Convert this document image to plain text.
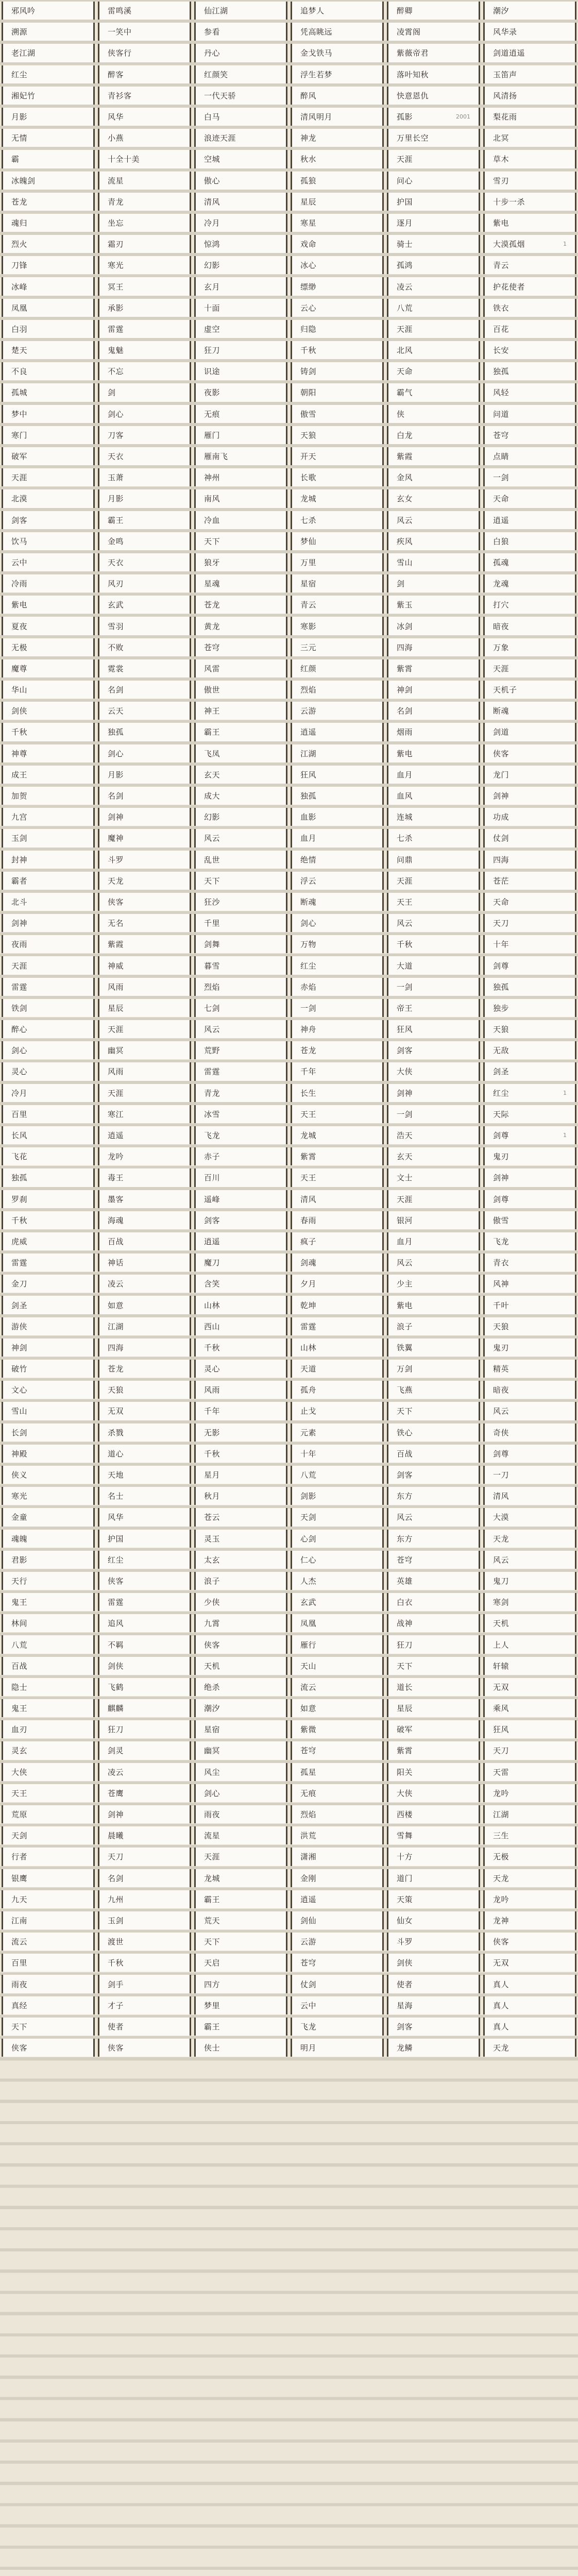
邪风吟	雷鸣溪	仙江湖	追梦人	醉卿	潮汐
溯源	一笑中	参看	凭高眺远	凌霄阁	风华录
老江湖	侠客行	丹心	金戈铁马	紫薇帝君	剑道逍遥
红尘	醉客	红颜笑	浮生若梦	落叶知秋	玉笛声
湘妃竹	青衫客	一代天骄	醉风	快意恩仇	风清扬
月影	风华	白马	清风明月	孤影	2001	梨花雨
无情	小燕	浪迹天涯	神龙	万里长空	北冥
霸	十全十美	空城	秋水	天涯	草木
冰魄剑	流星	傲心	孤狼	问心	雪刃
苍龙	青龙	清风	星辰	护国	十步一杀
魂归	坐忘	冷月	寒星	逐月	紫电
烈火	霜刃	惊鸿	戏命	骑士	大漠孤烟	1
刀锋	寒光	幻影	冰心	孤鸿	青云
冰峰	冥王	玄月	缥缈	凌云	护花使者
凤凰	承影	十面	云心	八荒	铁衣
白羽	雷霆	虚空	归隐	天涯	百花
楚天	鬼魅	狂刀	千秋	北风	长安
不良	不忘	识途	铸剑	天命	独孤
孤城	剑	夜影	朝阳	霸气	风轻
梦中	剑心	无痕	傲雪	侠	问道
寒门	刀客	雁门	天狼	白龙	苍穹
破军	天衣	雁南飞	开天	紫霞	点睛
天涯	玉萧	神州	长歌	金风	一剑
北漠	月影	南风	龙城	玄女	天命
剑客	霸王	冷血	七杀	风云	逍遥
饮马	金鸣	天下	梦仙	疾风	白狼
云中	天衣	狼牙	万里	雪山	孤魂
冷雨	风刃	星魂	星宿	剑	龙魂
紫电	玄武	苍龙	青云	紫玉	打穴
夏夜	雪羽	黄龙	寒影	冰剑	暗夜
无极	不败	苍穹	三元	四海	万象
魔尊	霓裳	风雷	红颜	紫霄	天涯
华山	名剑	傲世	烈焰	神剑	天机子
剑侠	云天	神王	云游	名剑	断魂
千秋	独孤	霸王	逍遥	烟雨	剑道
神尊	剑心	飞凤	江湖	紫电	侠客
成王	月影	玄天	狂风	血月	龙门
加贺	名剑	成大	独孤	血风	剑神
九宫	剑神	幻影	血影	连城	功成
玉剑	魔神	风云	血月	七杀	仗剑
封神	斗罗	乱世	绝情	问鼎	四海
霸者	天龙	天下	浮云	天涯	苍茫
北斗	侠客	狂沙	断魂	天王	天命
剑神	无名	千里	剑心	风云	天刀
夜雨	紫霞	剑舞	万物	千秋	十年
天涯	神威	暮雪	红尘	大道	剑尊
雷霆	风雨	烈焰	赤焰	一剑	独孤
铁剑	星辰	七剑	一剑	帝王	独步
醉心	天涯	风云	神舟	狂风	天狼
剑心	幽冥	荒野	苍龙	剑客	无敌
灵心	风雨	雷霆	千年	大侠	剑圣
冷月	天涯	青龙	长生	剑神	红尘	1
百里	寒江	冰雪	天王	一剑	天际
长风	逍遥	飞龙	龙城	浩天	剑尊	1
飞花	龙吟	赤子	紫霄	玄天	鬼刃
独孤	毒王	百川	天王	文士	剑神
罗刹	墨客	遥峰	清风	天涯	剑尊
千秋	海魂	剑客	春雨	银河	傲雪
虎威	百战	逍遥	疯子	血月	飞龙
雷霆	神话	魔刀	剑魂	风云	青衣
金刀	凌云	含笑	夕月	少主	风神
剑圣	如意	山林	乾坤	紫电	千叶
游侠	江湖	西山	雷霆	浪子	天狼
神剑	四海	千秋	山林	铁翼	鬼刃
破竹	苍龙	灵心	天道	万剑	精英
文心	天狼	风雨	孤舟	飞燕	暗夜
雪山	无双	千年	止戈	天下	风云
长剑	杀戮	无影	元素	铁心	奇侠
神殿	道心	千秋	十年	百战	剑尊
侠义	天地	星月	八荒	剑客	一刀
寒光	名士	秋月	剑影	东方	清风
金童	风华	苍云	天剑	风云	大漠
魂魄	护国	灵玉	心剑	东方	天龙
君影	红尘	太玄	仁心	苍穹	风云
天行	侠客	浪子	人杰	英雄	鬼刀
鬼王	雷霆	少侠	玄武	白衣	寒剑
林间	追风	九霄	凤凰	战神	天机
八荒	不羁	侠客	雁行	狂刀	上人
百战	剑侠	天机	天山	天下	轩辕
隐士	飞鹤	绝杀	流云	道长	无双
鬼王	麒麟	潮汐	如意	星辰	乘风
血刃	狂刀	星宿	紫微	破军	狂风
灵玄	剑灵	幽冥	苍穹	紫霄	天刀
大侠	凌云	风尘	孤星	阳关	天雷
天王	苍鹰	剑心	无痕	大侠	龙吟
荒原	剑神	雨夜	烈焰	西楼	江湖
天剑	晨曦	流星	洪荒	雪舞	三生
行者	天刀	天涯	潇湘	十方	无极
银鹰	名剑	龙城	金刚	道门	天龙
九天	九州	霸王	逍遥	天策	龙吟
江南	玉剑	荒天	剑仙	仙女	龙神
流云	渡世	天下	云游	斗罗	侠客
百里	千秋	天启	苍穹	剑侠	无双
雨夜	剑手	四方	仗剑	使者	真人
真经	才子	梦里	云中	星海	真人
天下	使者	霸王	飞龙	剑客	真人
侠客	侠客	侠士	明月	龙鳞	天龙
